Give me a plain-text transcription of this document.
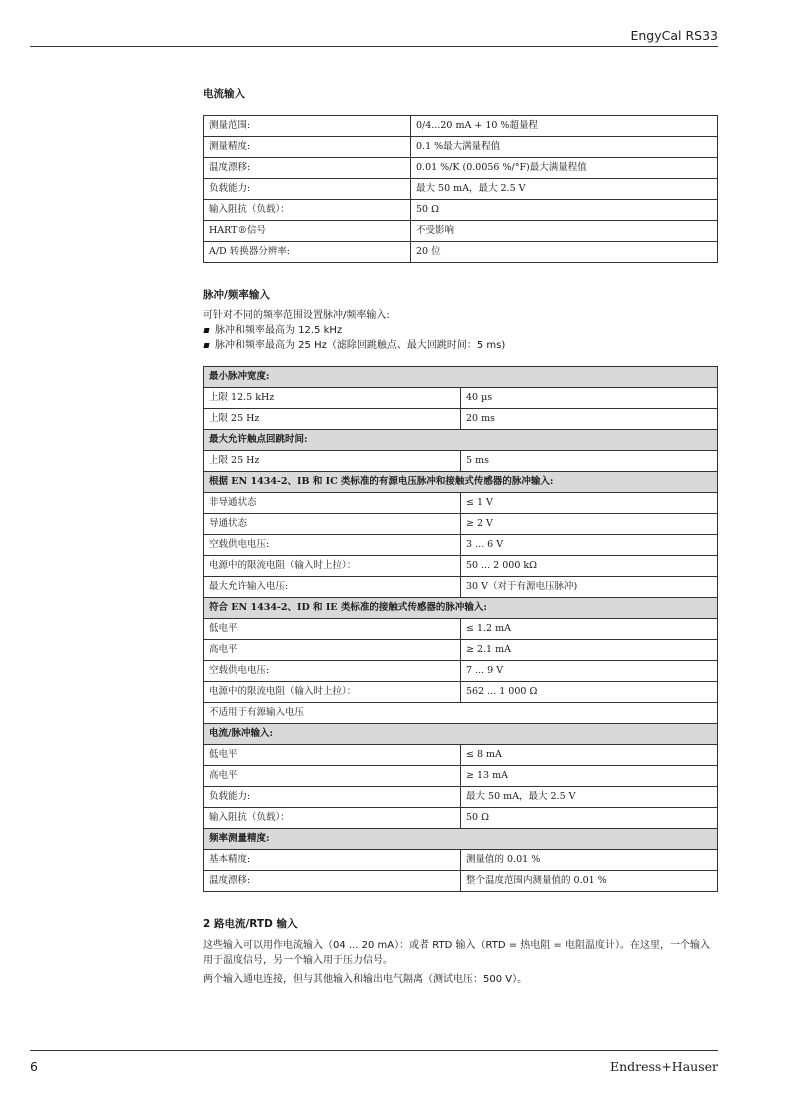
EngyCal RS33
电流输入
测量范围:	0/4...20 mA + 10 %超量程
测量精度:	0.1 %最大满量程值
温度漂移:	0.01 %/K (0.0056 %/°F)最大满量程值
负载能力:	最大 50 mA，最大 2.5 V
输入阻抗（负载）：	50 Ω
HART®信号	不受影响
A/D 转换器分辨率:	20 位
脉冲/频率输入

可针对不同的频率范围设置脉冲/频率输入:

脉冲和频率最高为 12.5 kHz
脉冲和频率最高为 25 Hz（滤除回跳触点、最大回跳时间：5 ms)
最小脉冲宽度:	
上限 12.5 kHz	40 µs
上限 25 Hz	20 ms
最大允许触点回跳时间:	
上限 25 Hz	5 ms
根据 EN 1434-2、IB 和 IC 类标准的有源电压脉冲和接触式传感器的脉冲输入:	
非导通状态	≤ 1 V
导通状态	≥ 2 V
空载供电电压:	3 ... 6 V
电源中的限流电阻（输入时上拉）：	50 ... 2 000 kΩ
最大允许输入电压:	30 V（对于有源电压脉冲)
符合 EN 1434-2、ID 和 IE 类标准的接触式传感器的脉冲输入:	
低电平	≤ 1.2 mA
高电平	≥ 2.1 mA
空载供电电压:	7 ... 9 V
电源中的限流电阻（输入时上拉）：	562 ... 1 000 Ω
不适用于有源输入电压	
电流/脉冲输入:	
低电平	≤ 8 mA
高电平	≥ 13 mA
负载能力:	最大 50 mA，最大 2.5 V
输入阻抗（负载）：	50 Ω
频率测量精度:	
基本精度:	测量值的 0.01 %
温度漂移:	整个温度范围内测量值的 0.01 %
2 路电流/RTD 输入

这些输入可以用作电流输入（04 ... 20 mA）：或者 RTD 输入（RTD = 热电阻 = 电阻温度计）。在这里，一个输入用于温度信号，另一个输入用于压力信号。

两个输入通电连接，但与其他输入和输出电气隔离（测试电压：500 V）。

6	Endress+Hauser
